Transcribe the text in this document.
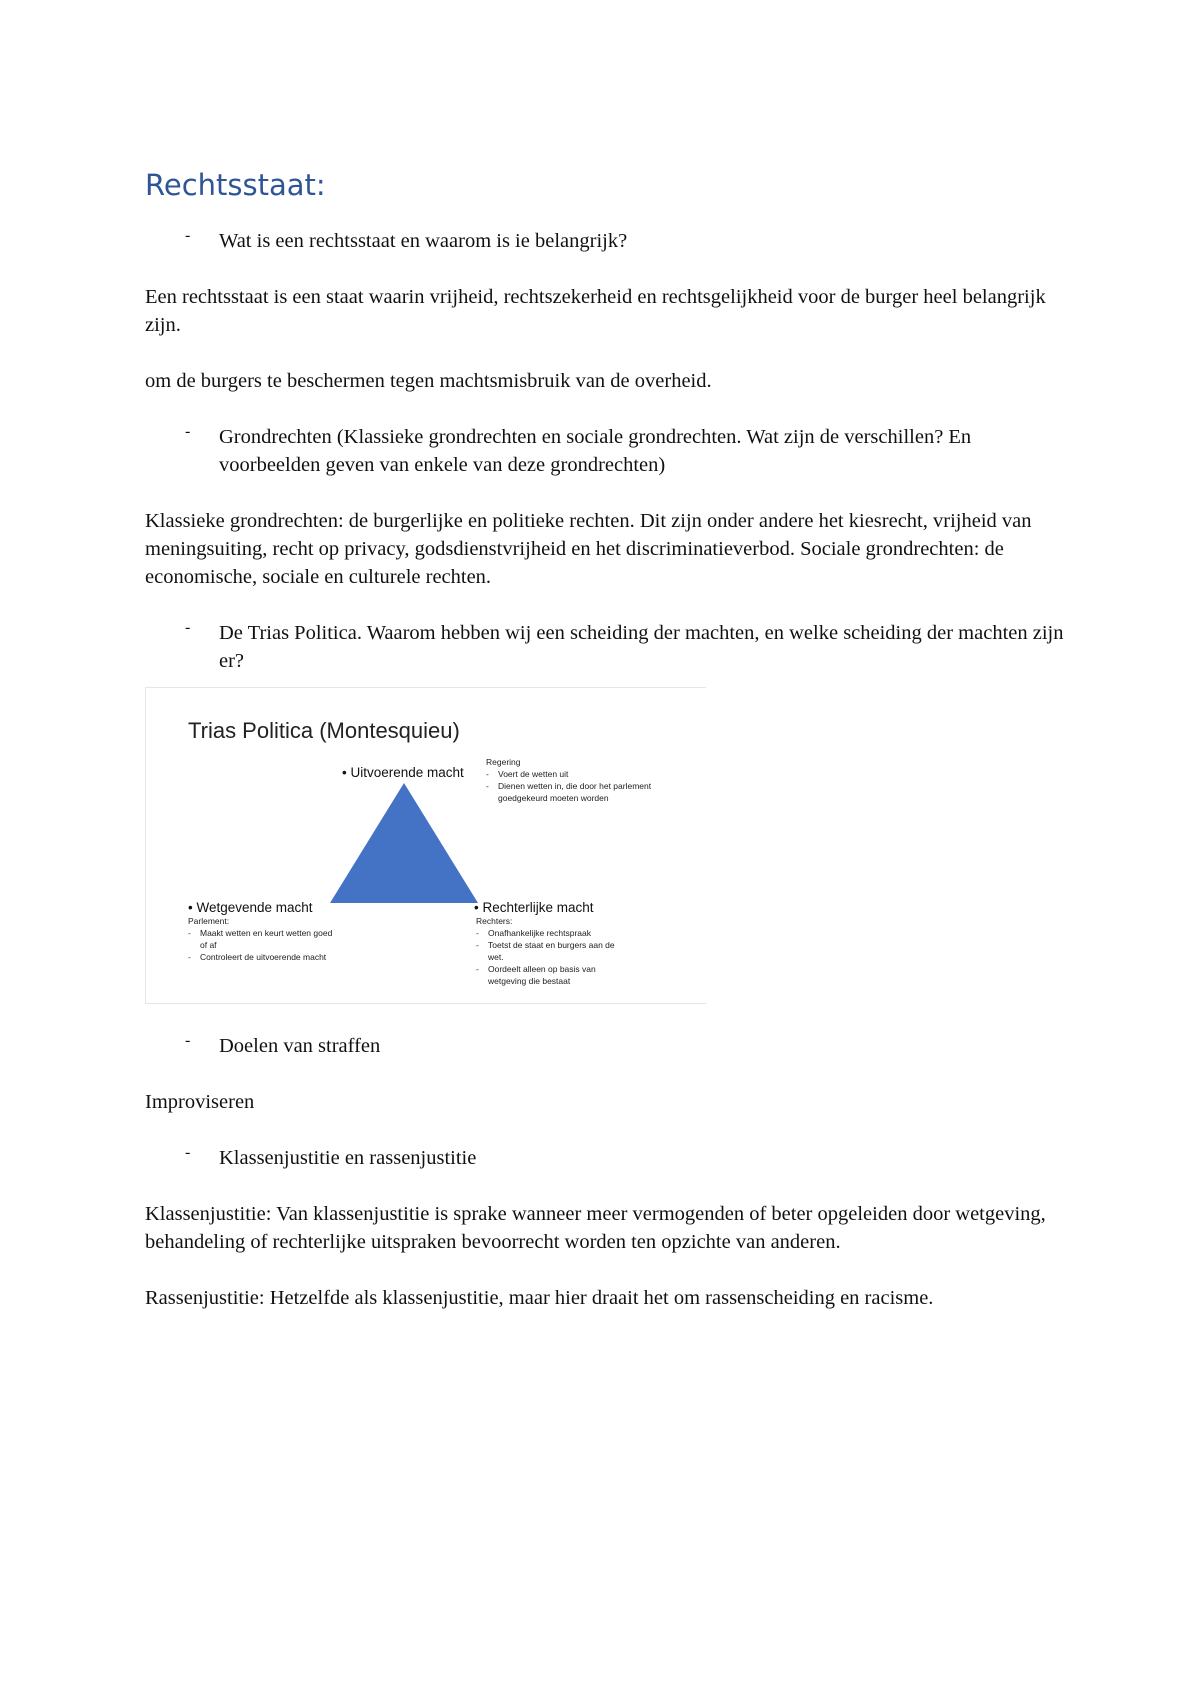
Rechtsstaat:
-	Wat is een rechtsstaat en waarom is ie belangrijk?

Een rechtsstaat is een staat waarin vrijheid, rechtszekerheid en rechtsgelijkheid voor de burger heel belangrijk zijn.

om de burgers te beschermen tegen machtsmisbruik van de overheid.

-	Grondrechten (Klassieke grondrechten en sociale grondrechten. Wat zijn de verschillen? En voorbeelden geven van enkele van deze grondrechten)

Klassieke grondrechten: de burgerlijke en politieke rechten. Dit zijn onder andere het kiesrecht, vrijheid van meningsuiting, recht op privacy, godsdienstvrijheid en het discriminatieverbod. Sociale grondrechten: de economische, sociale en culturele rechten.

-	De Trias Politica. Waarom hebben wij een scheiding der machten, en welke scheiding der machten zijn er?
Trias Politica (Montesquieu)
• Uitvoerende macht
Regering
-	Voert de wetten uit
-	Dienen wetten in, die door het parlement goedgekeurd moeten worden
• Wetgevende macht
Parlement:
-	Maakt wetten en keurt wetten goed of af
-	Controleert de uitvoerende macht
• Rechterlijke macht
Rechters:
-	Onafhankelijke rechtspraak
-	Toetst de staat en burgers aan de wet.
-	Oordeelt alleen op basis van wetgeving die bestaat
-	Doelen van straffen

Improviseren

-	Klassenjustitie en rassenjustitie

Klassenjustitie: Van klassenjustitie is sprake wanneer meer vermogenden of beter opgeleiden door wetgeving, behandeling of rechterlijke uitspraken bevoorrecht worden ten opzichte van anderen.

Rassenjustitie: Hetzelfde als klassenjustitie, maar hier draait het om rassenscheiding en racisme.
